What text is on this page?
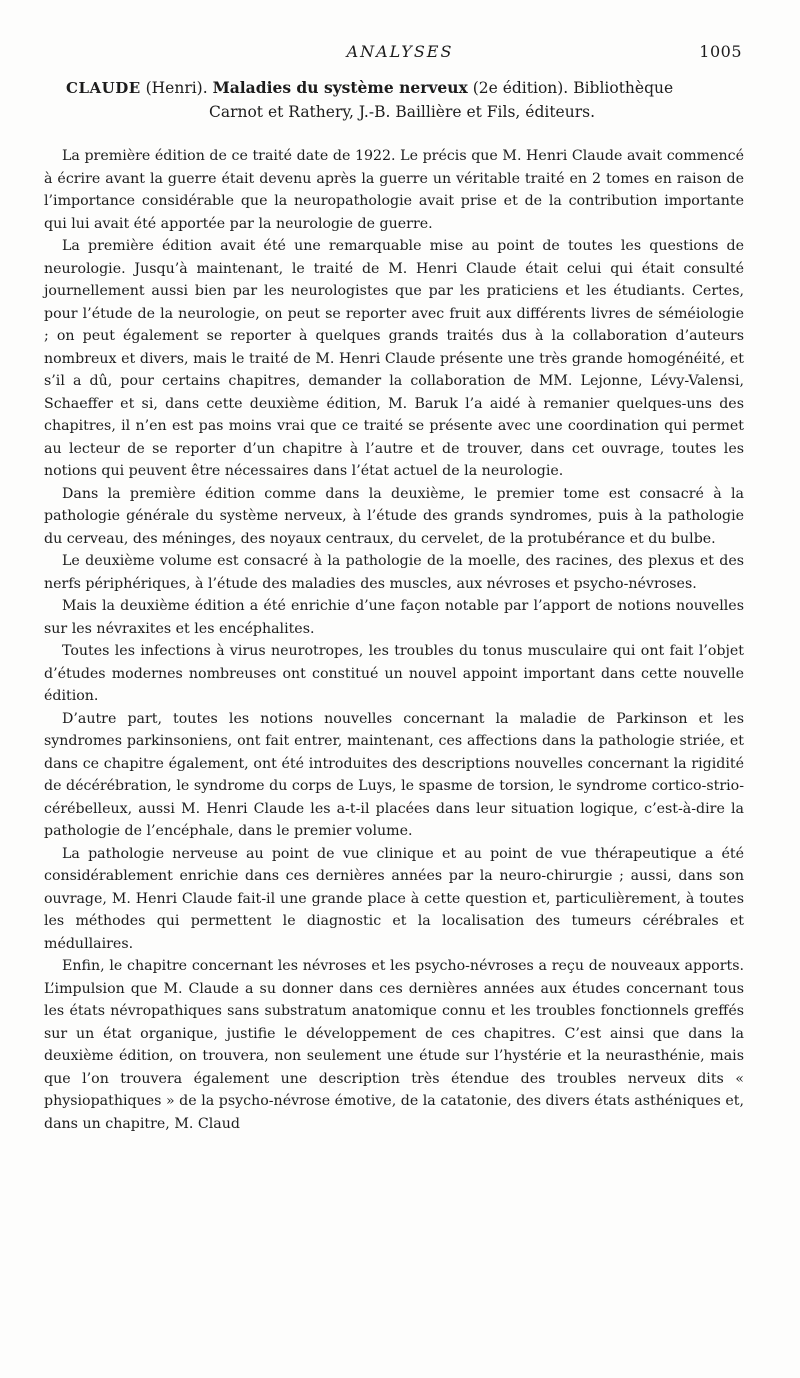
ANALYSES	1005
CLAUDE (Henri). Maladies du système nerveux (2e édition). Bibliothèque
Carnot et Rathery, J.-B. Baillière et Fils, éditeurs.

La première édition de ce traité date de 1922. Le précis que M. Henri Claude avait commencé à écrire avant la guerre était devenu après la guerre un véritable traité en 2 tomes en raison de l’importance considérable que la neuropathologie avait prise et de la contribution importante qui lui avait été apportée par la neurologie de guerre.

La première édition avait été une remarquable mise au point de toutes les questions de neurologie. Jusqu’à maintenant, le traité de M. Henri Claude était celui qui était consulté journellement aussi bien par les neurologistes que par les praticiens et les étudiants. Certes, pour l’étude de la neurologie, on peut se reporter avec fruit aux différents livres de séméiologie ; on peut également se reporter à quelques grands traités dus à la collaboration d’auteurs nombreux et divers, mais le traité de M. Henri Claude présente une très grande homogénéité, et s’il a dû, pour certains chapitres, demander la collaboration de MM. Lejonne, Lévy-Valensi, Schaeffer et si, dans cette deuxième édition, M. Baruk l’a aidé à remanier quelques-uns des chapitres, il n’en est pas moins vrai que ce traité se présente avec une coordination qui permet au lecteur de se reporter d’un chapitre à l’autre et de trouver, dans cet ouvrage, toutes les notions qui peuvent être nécessaires dans l’état actuel de la neurologie.

Dans la première édition comme dans la deuxième, le premier tome est consacré à la pathologie générale du système nerveux, à l’étude des grands syndromes, puis à la pathologie du cerveau, des méninges, des noyaux centraux, du cervelet, de la protubérance et du bulbe.

Le deuxième volume est consacré à la pathologie de la moelle, des racines, des plexus et des nerfs périphériques, à l’étude des maladies des muscles, aux névroses et psycho-névroses.

Mais la deuxième édition a été enrichie d’une façon notable par l’apport de notions nouvelles sur les névraxites et les encéphalites.

Toutes les infections à virus neurotropes, les troubles du tonus musculaire qui ont fait l’objet d’études modernes nombreuses ont constitué un nouvel appoint important dans cette nouvelle édition.

D’autre part, toutes les notions nouvelles concernant la maladie de Parkinson et les syndromes parkinsoniens, ont fait entrer, maintenant, ces affections dans la pathologie striée, et dans ce chapitre également, ont été introduites des descriptions nouvelles concernant la rigidité de décérébration, le syndrome du corps de Luys, le spasme de torsion, le syndrome cortico-strio-cérébelleux, aussi M. Henri Claude les a-t-il placées dans leur situation logique, c’est-à-dire la pathologie de l’encéphale, dans le premier volume.

La pathologie nerveuse au point de vue clinique et au point de vue thérapeutique a été considérablement enrichie dans ces dernières années par la neuro-chirurgie ; aussi, dans son ouvrage, M. Henri Claude fait-il une grande place à cette question et, particulièrement, à toutes les méthodes qui permettent le diagnostic et la localisation des tumeurs cérébrales et médullaires.

Enfin, le chapitre concernant les névroses et les psycho-névroses a reçu de nouveaux apports. L’impulsion que M. Claude a su donner dans ces dernières années aux études concernant tous les états névropathiques sans substratum anatomique connu et les troubles fonctionnels greffés sur un état organique, justifie le développement de ces chapitres. C’est ainsi que dans la deuxième édition, on trouvera, non seulement une étude sur l’hystérie et la neurasthénie, mais que l’on trouvera également une description très étendue des troubles nerveux dits « physiopathiques » de la psycho-névrose émotive, de la catatonie, des divers états asthéniques et, dans un chapitre, M. Claud
